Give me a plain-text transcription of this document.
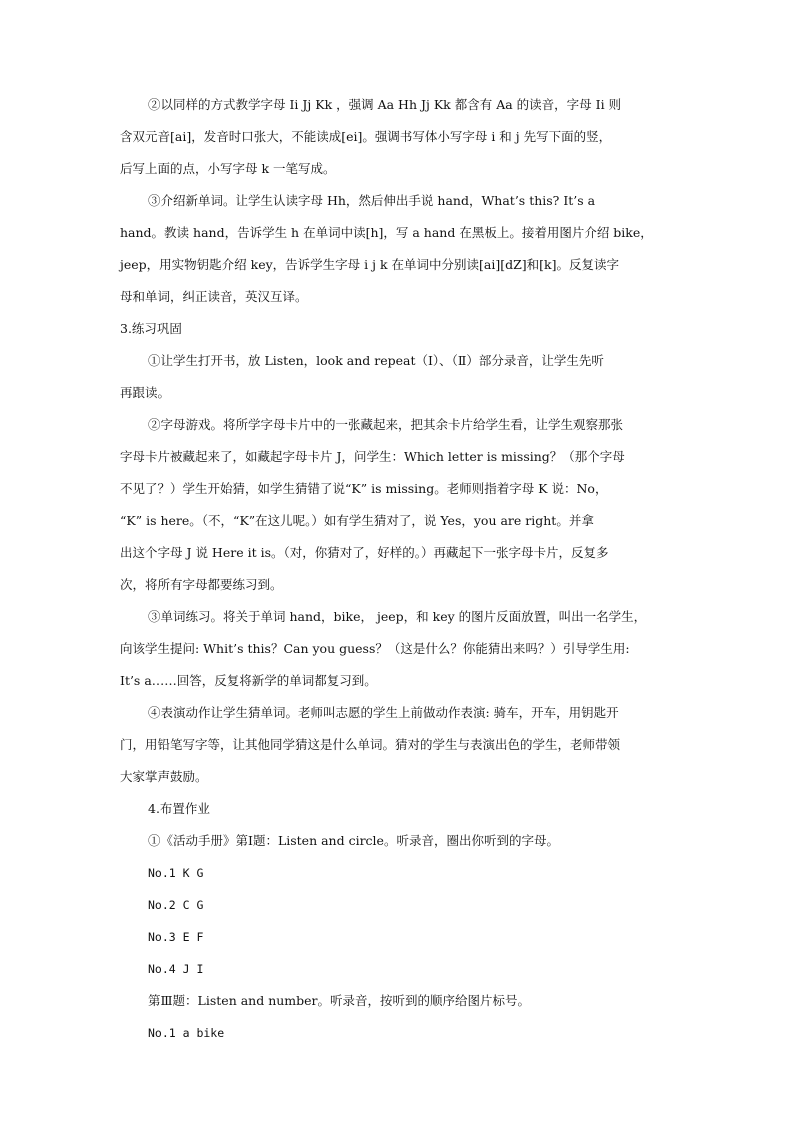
②以同样的方式教学字母 Ii Jj Kk ，强调 Aa Hh Jj Kk 都含有 Aa 的读音，字母 Ii 则
含双元音[ai]，发音时口张大，不能读成[ei]。强调书写体小写字母 i 和 j 先写下面的竖，
后写上面的点，小写字母 k 一笔写成。
③介绍新单词。让学生认读字母 Hh，然后伸出手说 hand，What’s this? It’s a
hand。教读 hand，告诉学生 h 在单词中读[h]，写 a hand 在黑板上。接着用图片介绍 bike，
jeep，用实物钥匙介绍 key，告诉学生字母 i j k 在单词中分别读[ai][dZ]和[k]。反复读字
母和单词，纠正读音，英汉互译。
3.练习巩固
①让学生打开书，放 Listen，look and repeat（Ⅰ）、（Ⅱ）部分录音，让学生先听
再跟读。
②字母游戏。将所学字母卡片中的一张藏起来，把其余卡片给学生看，让学生观察那张
字母卡片被藏起来了，如藏起字母卡片 J，问学生：Which letter is missing？（那个字母
不见了？）学生开始猜，如学生猜错了说“K” is missing。老师则指着字母 K 说：No，
“K” is here。（不，“K”在这儿呢。）如有学生猜对了，说 Yes，you are right。并拿
出这个字母 J 说 Here it is。（对，你猜对了，好样的。）再藏起下一张字母卡片，反复多
次，将所有字母都要练习到。
③单词练习。将关于单词 hand，bike， jeep，和 key 的图片反面放置，叫出一名学生，
向该学生提问: Whit’s this？Can you guess？（这是什么？你能猜出来吗？）引导学生用:
It’s a……回答，反复将新学的单词都复习到。
④表演动作让学生猜单词。老师叫志愿的学生上前做动作表演: 骑车，开车，用钥匙开
门，用铅笔写字等，让其他同学猜这是什么单词。猜对的学生与表演出色的学生，老师带领
大家掌声鼓励。
4.布置作业
①《活动手册》第Ⅰ题：Listen and circle。听录音，圈出你听到的字母。
No.1 K G
No.2 C G
No.3 E F
No.4 J I
第Ⅲ题：Listen and number。听录音，按听到的顺序给图片标号。
No.1 a bike
